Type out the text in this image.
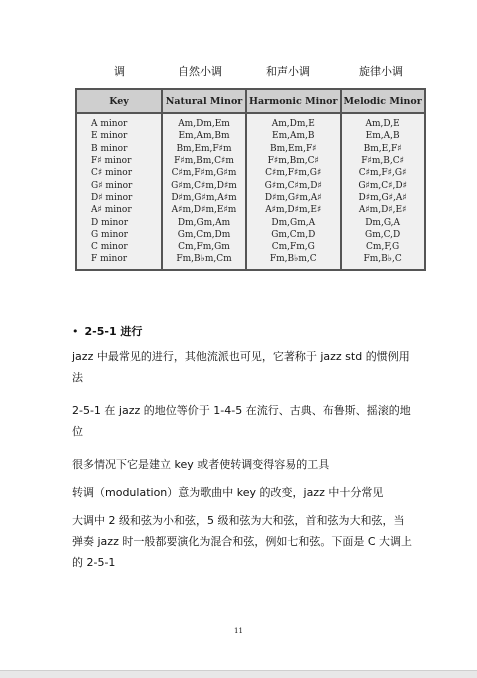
调	自然小调	和声小调	旋律小调
Key	Natural Minor	Harmonic Minor	Melodic Minor
A minor	Am,Dm,Em	Am,Dm,E	Am,D,E
E minor	Em,Am,Bm	Em,Am,B	Em,A,B
B minor	Bm,Em,F♯m	Bm,Em,F♯	Bm,E,F♯
F♯ minor	F♯m,Bm,C♯m	F♯m,Bm,C♯	F♯m,B,C♯
C♯ minor	C♯m,F♯m,G♯m	C♯m,F♯m,G♯	C♯m,F♯,G♯
G♯ minor	G♯m,C♯m,D♯m	G♯m,C♯m,D♯	G♯m,C♯,D♯
D♯ minor	D♯m,G♯m,A♯m	D♯m,G♯m,A♯	D♯m,G♯,A♯
A♯ minor	A♯m,D♯m,E♯m	A♯m,D♯m,E♯	A♯m,D♯,E♯
D minor	Dm,Gm,Am	Dm,Gm,A	Dm,G,A
G minor	Gm,Cm,Dm	Gm,Cm,D	Gm,C,D
C minor	Cm,Fm,Gm	Cm,Fm,G	Cm,F,G
F minor	Fm,B♭m,Cm	Fm,B♭m,C	Fm,B♭,C
• 2-5-1 进行

jazz 中最常见的进行，其他流派也可见，它著称于 jazz std 的惯例用法

2-5-1 在 jazz 的地位等价于 1-4-5 在流行、古典、布鲁斯、摇滚的地位

很多情况下它是建立 key 或者使转调变得容易的工具

转调（modulation）意为歌曲中 key 的改变，jazz 中十分常见

大调中 2 级和弦为小和弦，5 级和弦为大和弦，首和弦为大和弦，当弹奏 jazz 时一般都要演化为混合和弦，例如七和弦。下面是 C 大调上的 2-5-1

11
